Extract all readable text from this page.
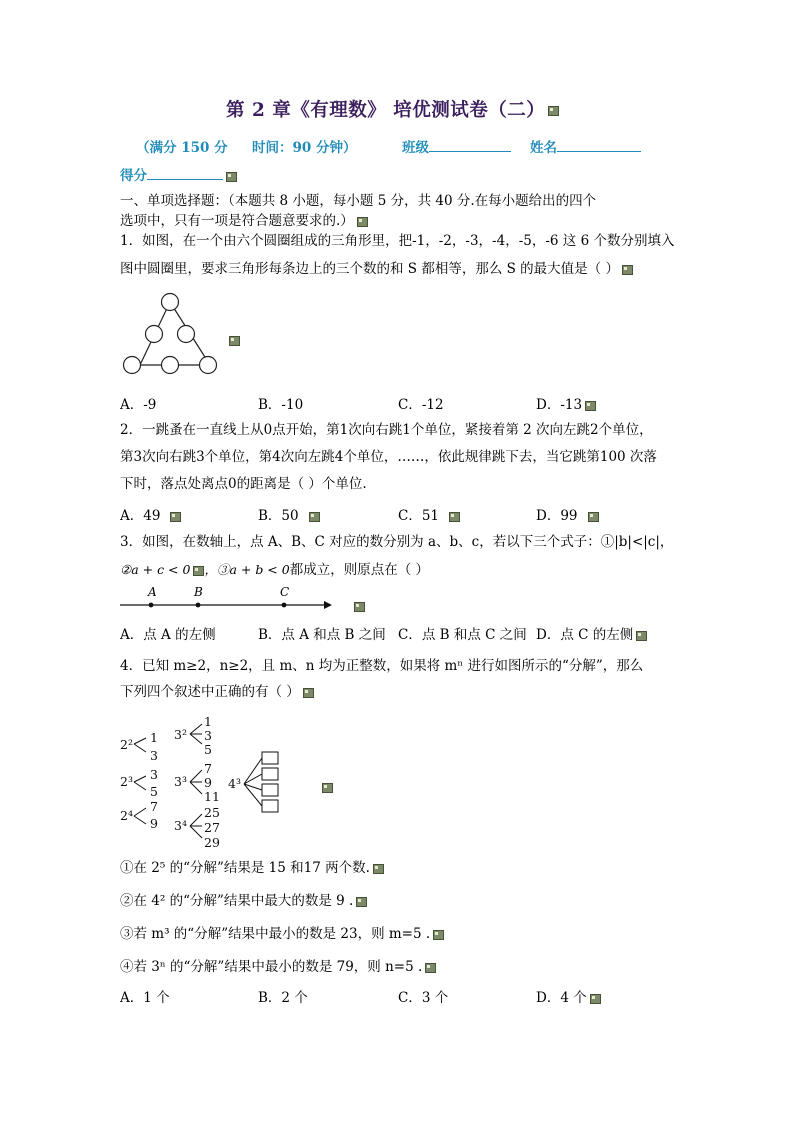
第 2 章《有理数》 培优测试卷（二）
（满分 150 分 时间：90 分钟）	班级	姓名
得分
一、单项选择题：（本题共 8 小题，每小题 5 分，共 40 分.在每小题给出的四个
选项中，只有一项是符合题意要求的.）
1．如图，在一个由六个圆圈组成的三角形里，把-1，-2，-3，-4，-5，-6 这 6 个数分别填入
图中圆圈里，要求三角形每条边上的三个数的和 S 都相等，那么 S 的最大值是（ ）

A．-9	B．-10	C．-12	D．-13
2．一跳蚤在一直线上从0点开始，第1次向右跳1个单位，紧接着第 2 次向左跳2个单位，
第3次向右跳3个单位，第4次向左跳4个单位，……，依此规律跳下去，当它跳第100 次落
下时，落点处离点0的距离是（ ）个单位.
A．49	B．50	C．51	D．99
3．如图，在数轴上，点 A、B、C 对应的数分别为 a、b、c，若以下三个式子：①|b|<|c|，
②a + c < 0 ，③a + b < 0都成立，则原点在（ ）
A	B	C

A．点 A 的左侧	B．点 A 和点 B 之间 C．点 B 和点 C 之间 D．点 C 的左侧
4．已知 m≥2，n≥2，且 m、n 均为正整数，如果将 mⁿ 进行如图所示的“分解”，那么
下列四个叙述中正确的有（ ）
2² 1
3
2³ 3
5
2⁴
7
9
3²
1
3
5
3³
7
9
11
3⁴
25
27
29
4³
①在 2⁵ 的“分解”结果是 15 和17 两个数.
②在 4² 的“分解”结果中最大的数是 9 .
③若 m³ 的“分解”结果中最小的数是 23，则 m=5 .
④若 3ⁿ 的“分解”结果中最小的数是 79，则 n=5 .
A．1 个	B．2 个	C．3 个	D．4 个
